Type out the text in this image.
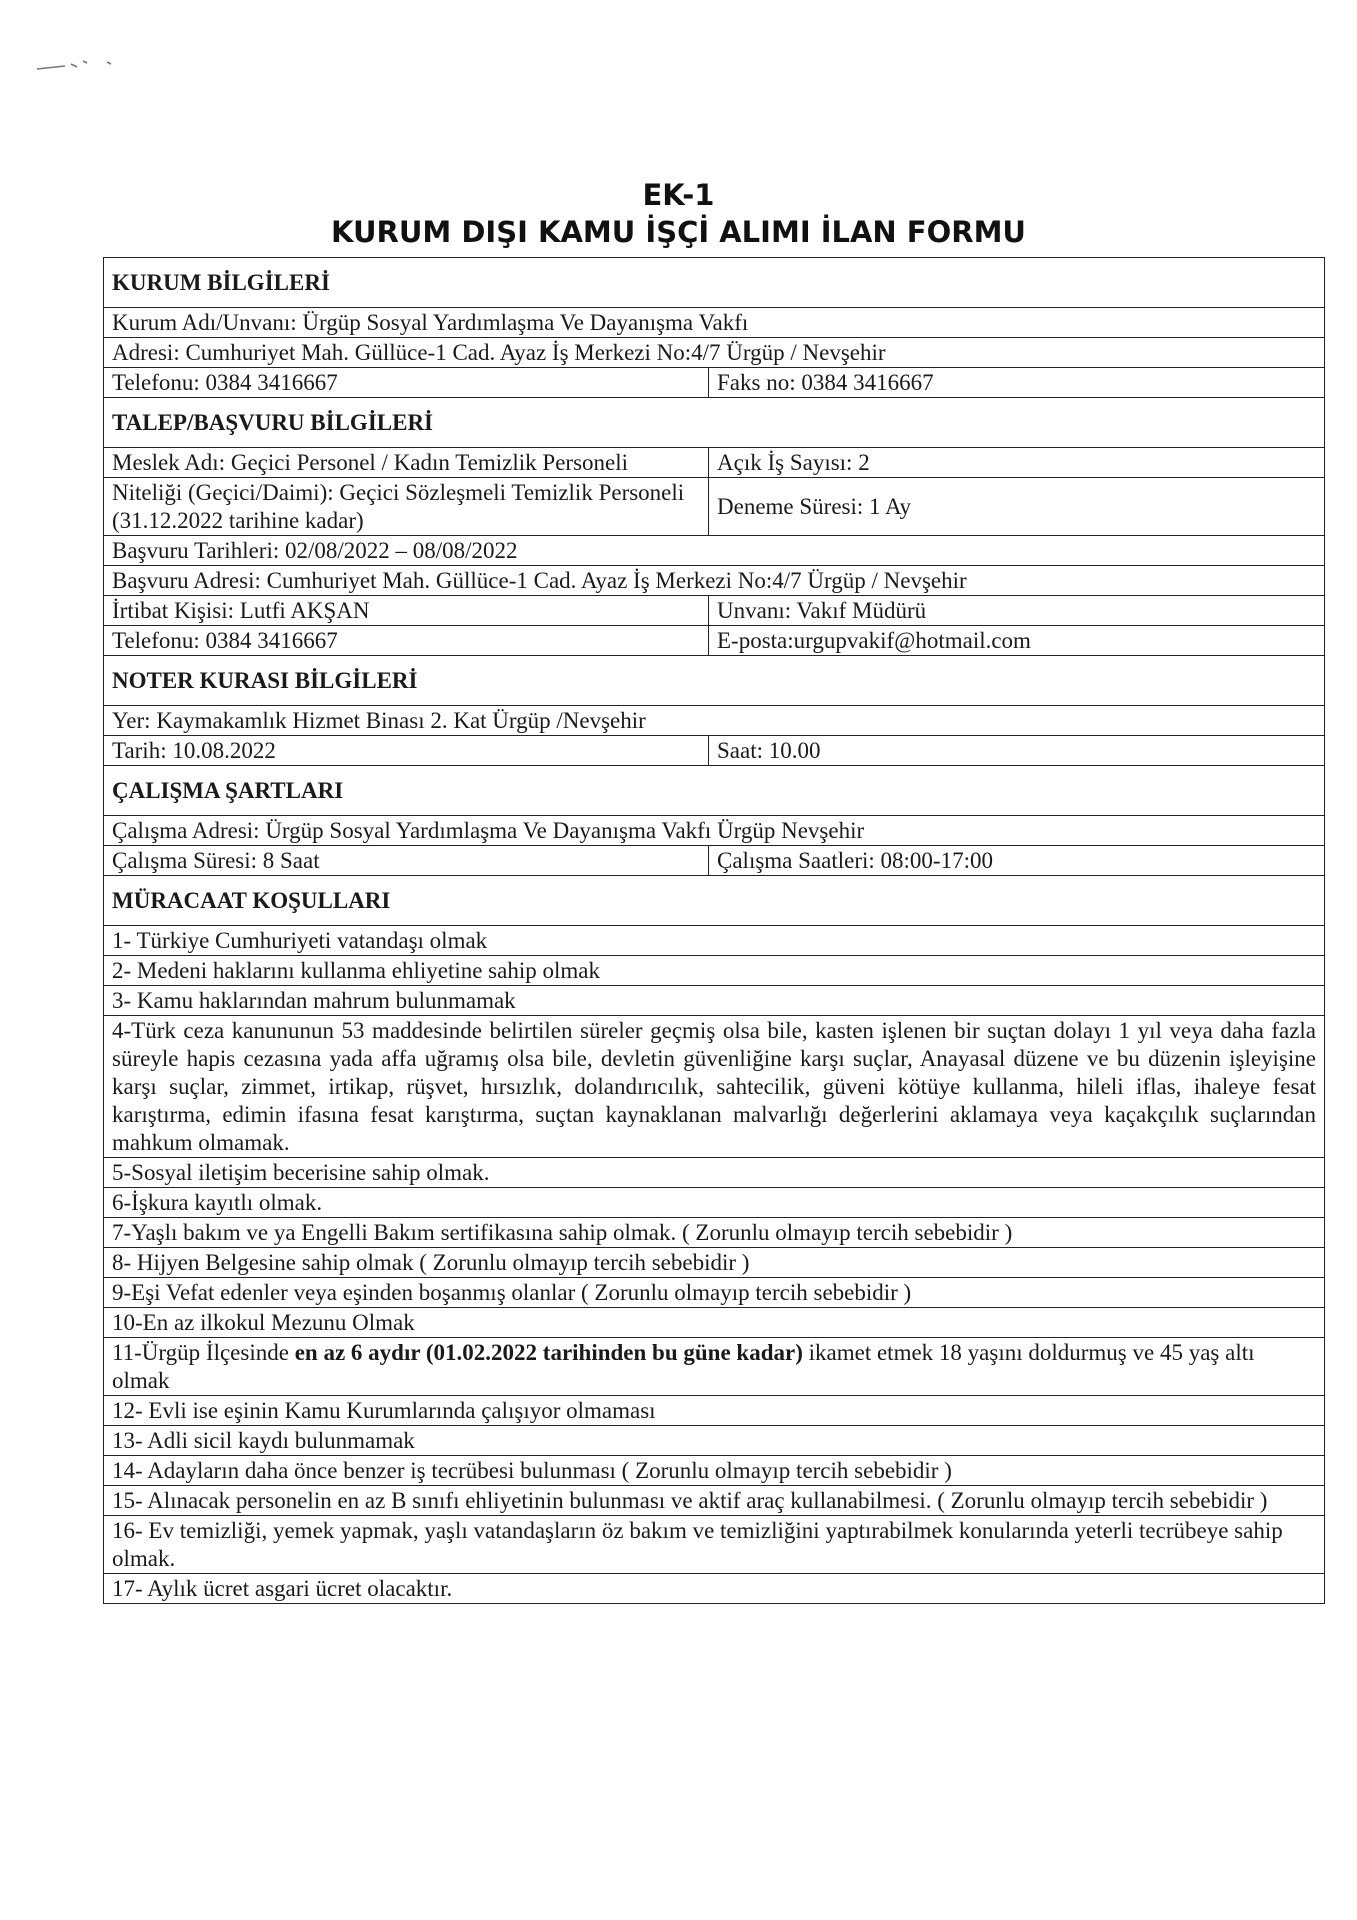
EK-1
KURUM DIŞI KAMU İŞÇİ ALIMI İLAN FORMU
KURUM BİLGİLERİ	
Kurum Adı/Unvanı: Ürgüp Sosyal Yardımlaşma Ve Dayanışma Vakfı	
Adresi: Cumhuriyet Mah. Güllüce-1 Cad. Ayaz İş Merkezi No:4/7 Ürgüp / Nevşehir	
Telefonu: 0384 3416667	Faks no: 0384 3416667
TALEP/BAŞVURU BİLGİLERİ	
Meslek Adı: Geçici Personel / Kadın Temizlik Personeli	Açık İş Sayısı: 2
Niteliği (Geçici/Daimi): Geçici Sözleşmeli Temizlik Personeli (31.12.2022 tarihine kadar)	Deneme Süresi: 1 Ay
Başvuru Tarihleri: 02/08/2022 – 08/08/2022	
Başvuru Adresi: Cumhuriyet Mah. Güllüce-1 Cad. Ayaz İş Merkezi No:4/7 Ürgüp / Nevşehir	
İrtibat Kişisi: Lutfi AKŞAN	Unvanı: Vakıf Müdürü
Telefonu: 0384 3416667	E-posta:urgupvakif@hotmail.com
NOTER KURASI BİLGİLERİ	
Yer: Kaymakamlık Hizmet Binası 2. Kat Ürgüp /Nevşehir	
Tarih: 10.08.2022	Saat: 10.00
ÇALIŞMA ŞARTLARI	
Çalışma Adresi: Ürgüp Sosyal Yardımlaşma Ve Dayanışma Vakfı Ürgüp Nevşehir	
Çalışma Süresi: 8 Saat	Çalışma Saatleri: 08:00-17:00
MÜRACAAT KOŞULLARI	
1- Türkiye Cumhuriyeti vatandaşı olmak	
2- Medeni haklarını kullanma ehliyetine sahip olmak	
3- Kamu haklarından mahrum bulunmamak	
4-Türk ceza kanununun 53 maddesinde belirtilen süreler geçmiş olsa bile, kasten işlenen bir suçtan dolayı 1 yıl veya daha fazla süreyle hapis cezasına yada affa uğramış olsa bile, devletin güvenliğine karşı suçlar, Anayasal düzene ve bu düzenin işleyişine karşı suçlar, zimmet, irtikap, rüşvet, hırsızlık, dolandırıcılık, sahtecilik, güveni kötüye kullanma, hileli iflas, ihaleye fesat karıştırma, edimin ifasına fesat karıştırma, suçtan kaynaklanan malvarlığı değerlerini aklamaya veya kaçakçılık suçlarından mahkum olmamak.	
5-Sosyal iletişim becerisine sahip olmak.	
6-İşkura kayıtlı olmak.	
7-Yaşlı bakım ve ya Engelli Bakım sertifikasına sahip olmak. ( Zorunlu olmayıp tercih sebebidir )	
8- Hijyen Belgesine sahip olmak ( Zorunlu olmayıp tercih sebebidir )	
9-Eşi Vefat edenler veya eşinden boşanmış olanlar ( Zorunlu olmayıp tercih sebebidir )	
10-En az ilkokul Mezunu Olmak	
11-Ürgüp İlçesinde en az 6 aydır (01.02.2022 tarihinden bu güne kadar) ikamet etmek 18 yaşını doldurmuş ve 45 yaş altı olmak	
12- Evli ise eşinin Kamu Kurumlarında çalışıyor olmaması	
13- Adli sicil kaydı bulunmamak	
14- Adayların daha önce benzer iş tecrübesi bulunması ( Zorunlu olmayıp tercih sebebidir )	
15- Alınacak personelin en az B sınıfı ehliyetinin bulunması ve aktif araç kullanabilmesi. ( Zorunlu olmayıp tercih sebebidir )	
16- Ev temizliği, yemek yapmak, yaşlı vatandaşların öz bakım ve temizliğini yaptırabilmek konularında yeterli tecrübeye sahip olmak.	
17- Aylık ücret asgari ücret olacaktır.	
